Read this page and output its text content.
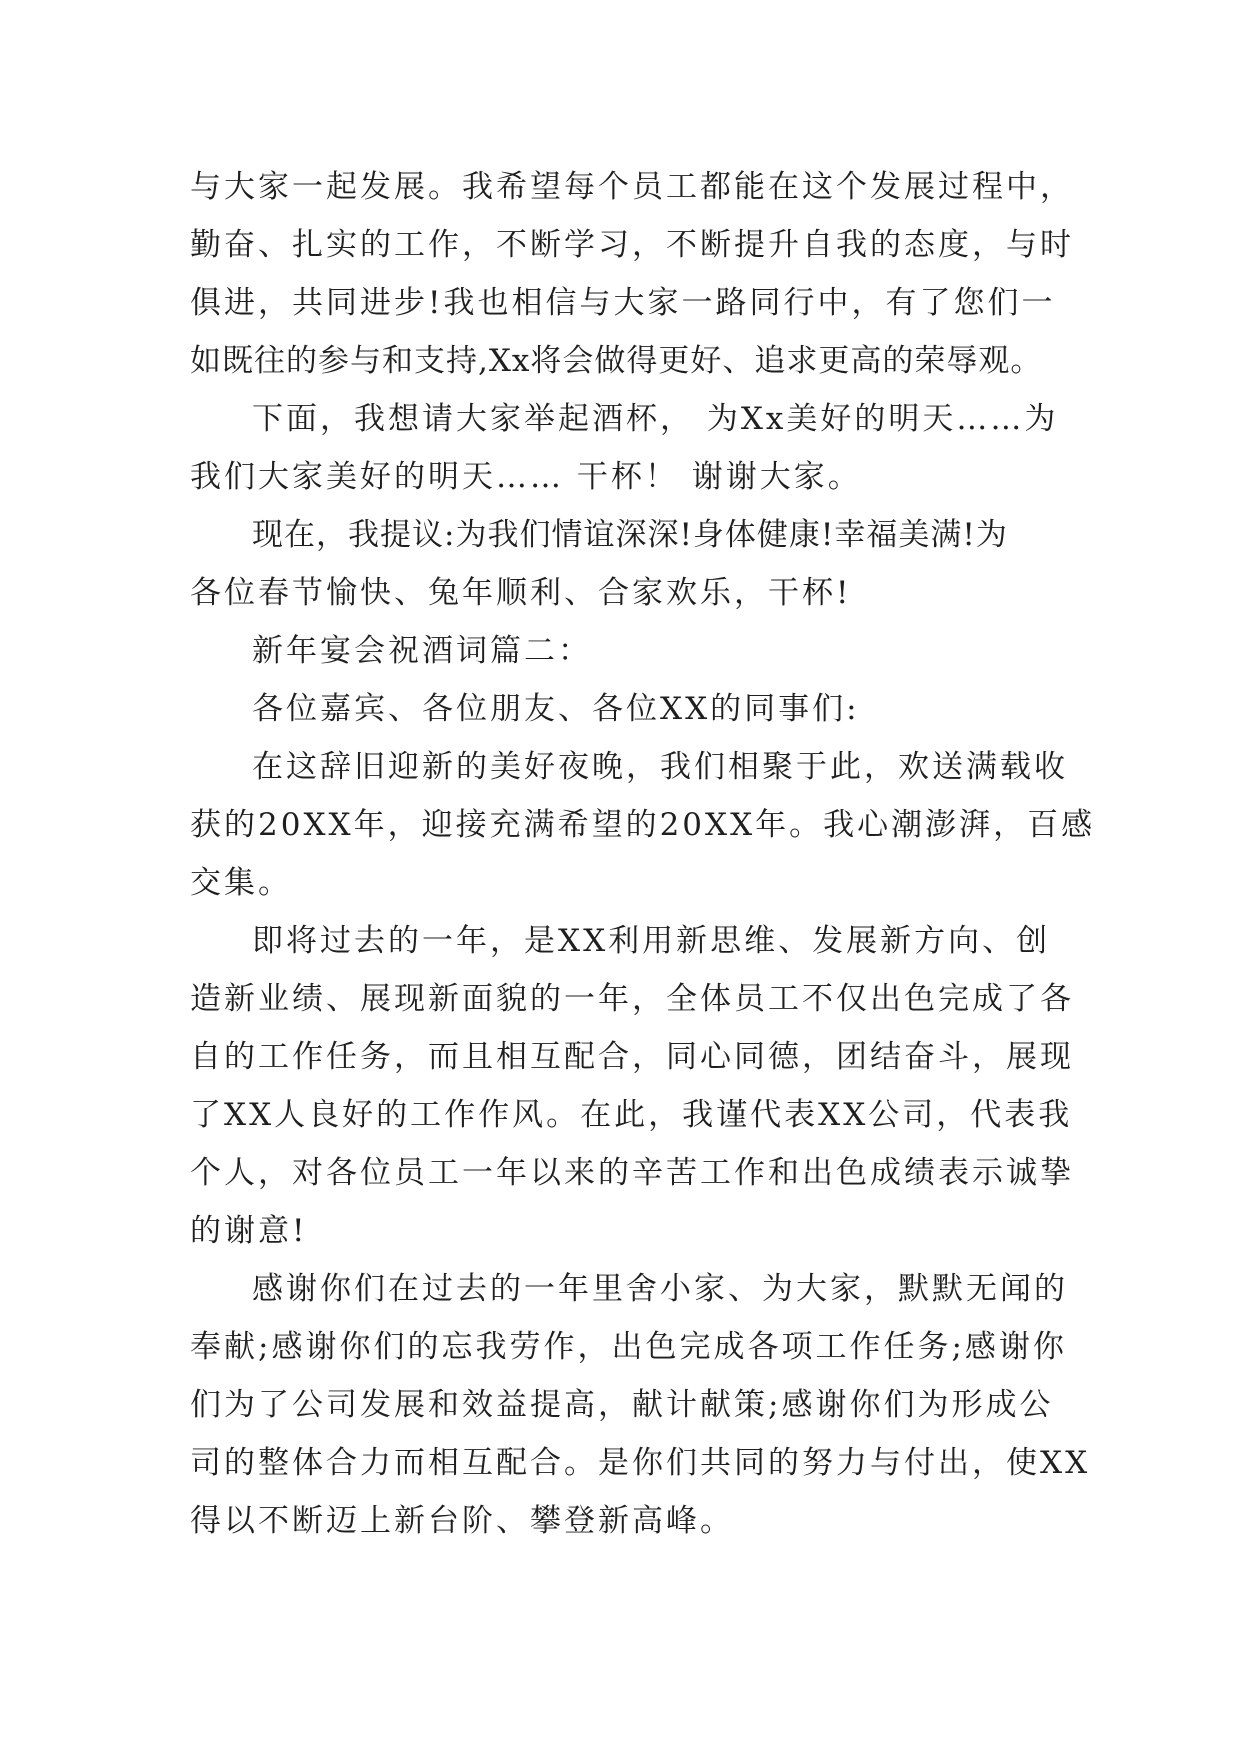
与大家一起发展。我希望每个员工都能在这个发展过程中，
勤奋、扎实的工作，不断学习，不断提升自我的态度，与时
俱进，共同进步!我也相信与大家一路同行中，有了您们一
如既往的参与和支持,Xx将会做得更好、追求更高的荣辱观。
下面，我想请大家举起酒杯， 为Xx美好的明天……为
我们大家美好的明天…… 干杯！ 谢谢大家。
现在，我提议:为我们情谊深深!身体健康!幸福美满!为
各位春节愉快、兔年顺利、合家欢乐，干杯!
新年宴会祝酒词篇二：
各位嘉宾、各位朋友、各位XX的同事们:
在这辞旧迎新的美好夜晚，我们相聚于此，欢送满载收
获的20XX年，迎接充满希望的20XX年。我心潮澎湃，百感
交集。
即将过去的一年，是XX利用新思维、发展新方向、创
造新业绩、展现新面貌的一年，全体员工不仅出色完成了各
自的工作任务，而且相互配合，同心同德，团结奋斗，展现
了XX人良好的工作作风。在此，我谨代表XX公司，代表我
个人，对各位员工一年以来的辛苦工作和出色成绩表示诚挚
的谢意!
感谢你们在过去的一年里舍小家、为大家，默默无闻的
奉献;感谢你们的忘我劳作，出色完成各项工作任务;感谢你
们为了公司发展和效益提高，献计献策;感谢你们为形成公
司的整体合力而相互配合。是你们共同的努力与付出，使XX
得以不断迈上新台阶、攀登新高峰。
